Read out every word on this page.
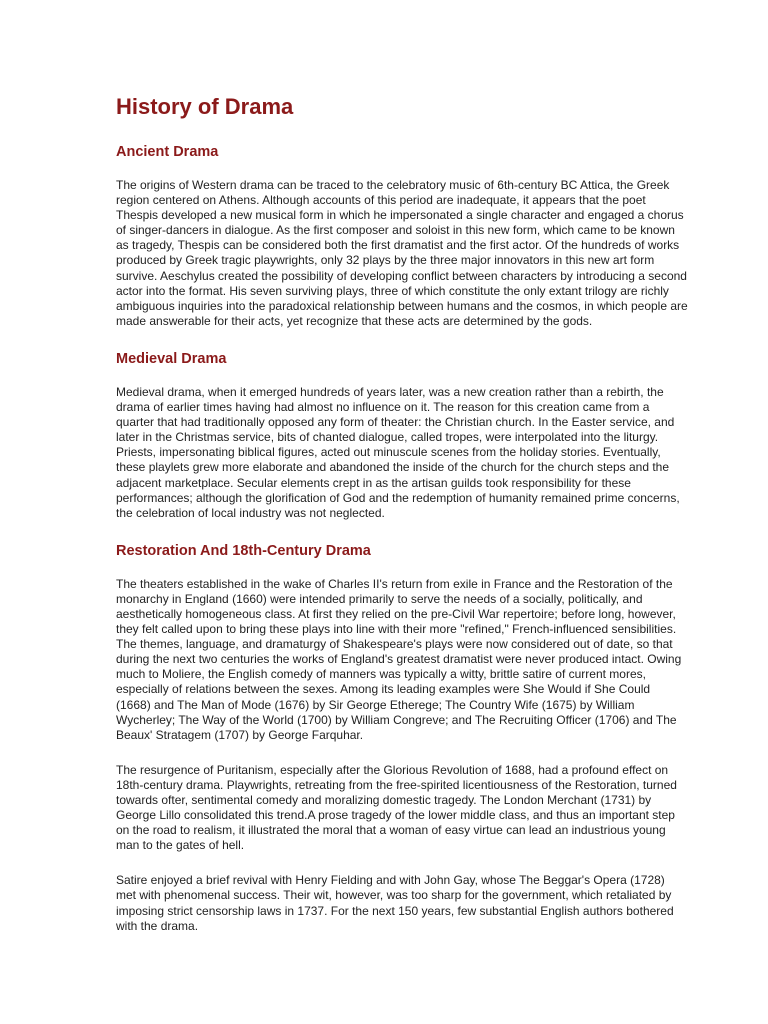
History of Drama
Ancient Drama

The origins of Western drama can be traced to the celebratory music of 6th-century BC Attica, the Greek region centered on Athens. Although accounts of this period are inadequate, it appears that the poet Thespis developed a new musical form in which he impersonated a single character and engaged a chorus of singer-dancers in dialogue. As the first composer and soloist in this new form, which came to be known as tragedy, Thespis can be considered both the first dramatist and the first actor. Of the hundreds of works produced by Greek tragic playwrights, only 32 plays by the three major innovators in this new art form survive. Aeschylus created the possibility of developing conflict between characters by introducing a second actor into the format. His seven surviving plays, three of which constitute the only extant trilogy are richly ambiguous inquiries into the paradoxical relationship between humans and the cosmos, in which people are made answerable for their acts, yet recognize that these acts are determined by the gods.

Medieval Drama

Medieval drama, when it emerged hundreds of years later, was a new creation rather than a rebirth, the drama of earlier times having had almost no influence on it. The reason for this creation came from a quarter that had traditionally opposed any form of theater: the Christian church. In the Easter service, and later in the Christmas service, bits of chanted dialogue, called tropes, were interpolated into the liturgy. Priests, impersonating biblical figures, acted out minuscule scenes from the holiday stories. Eventually, these playlets grew more elaborate and abandoned the inside of the church for the church steps and the adjacent marketplace. Secular elements crept in as the artisan guilds took responsibility for these performances; although the glorification of God and the redemption of humanity remained prime concerns, the celebration of local industry was not neglected.

Restoration And 18th-Century Drama

The theaters established in the wake of Charles II's return from exile in France and the Restoration of the monarchy in England (1660) were intended primarily to serve the needs of a socially, politically, and aesthetically homogeneous class. At first they relied on the pre-Civil War repertoire; before long, however, they felt called upon to bring these plays into line with their more "refined," French-influenced sensibilities. The themes, language, and dramaturgy of Shakespeare's plays were now considered out of date, so that during the next two centuries the works of England's greatest dramatist were never produced intact. Owing much to Moliere, the English comedy of manners was typically a witty, brittle satire of current mores, especially of relations between the sexes. Among its leading examples were She Would if She Could (1668) and The Man of Mode (1676) by Sir George Etherege; The Country Wife (1675) by William Wycherley; The Way of the World (1700) by William Congreve; and The Recruiting Officer (1706) and The Beaux' Stratagem (1707) by George Farquhar.

The resurgence of Puritanism, especially after the Glorious Revolution of 1688, had a profound effect on 18th-century drama. Playwrights, retreating from the free-spirited licentiousness of the Restoration, turned towards ofter, sentimental comedy and moralizing domestic tragedy. The London Merchant (1731) by George Lillo consolidated this trend.A prose tragedy of the lower middle class, and thus an important step on the road to realism, it illustrated the moral that a woman of easy virtue can lead an industrious young man to the gates of hell.

Satire enjoyed a brief revival with Henry Fielding and with John Gay, whose The Beggar's Opera (1728) met with phenomenal success. Their wit, however, was too sharp for the government, which retaliated by imposing strict censorship laws in 1737. For the next 150 years, few substantial English authors bothered with the drama.
